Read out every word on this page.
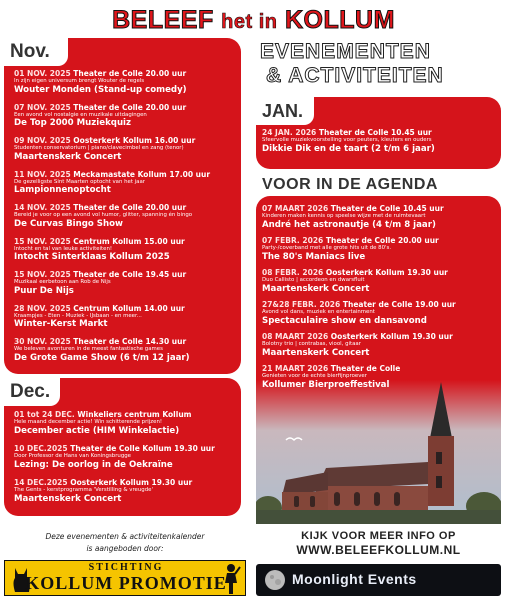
BELEEF het in KOLLUM
Nov.
01 NOV. 2025 Theater de Colle 20.00 uur
In zijn eigen universum brengt Wouter de regels
Wouter Monden (Stand-up comedy)
07 NOV. 2025 Theater de Colle 20.00 uur
Een avond vol nostalgie en muzikale uitdagingen
De Top 2000 Muziekquiz
09 NOV. 2025 Oosterkerk Kollum 16.00 uur
Studenten conservatorium | piano/clavecimbel en zang (tenor)
Maartenskerk Concert
11 NOV. 2025 Meckamastate Kollum 17.00 uur
De gezelligste Sint Maarten optocht van het jaar
Lampionnenoptocht
14 NOV. 2025 Theater de Colle 20.00 uur
Bereid je voor op een avond vol humor, glitter, spanning én bingo
De Curvas Bingo Show
15 NOV. 2025 Centrum Kollum 15.00 uur
Intocht en tal van leuke activiteiten!
Intocht Sinterklaas Kollum 2025
15 NOV. 2025 Theater de Colle 19.45 uur
Muzikaal eerbetoon aan Rob de Nijs
Puur De Nijs
28 NOV. 2025 Centrum Kollum 14.00 uur
Kraampjes - Eten - Muziek - IJsbaan - en meer...
Winter-Kerst Markt
30 NOV. 2025 Theater de Colle 14.30 uur
We beleven avonturen in de meest fantastische games
De Grote Game Show (6 t/m 12 jaar)
Dec.
01 tot 24 DEC. Winkeliers centrum Kollum
Hele maand december actie! Win schitterende prijzen!
December actie (HIM Winkelactie)
10 DEC.2025 Theater de Colle Kollum 19.30 uur
Door Professor de Hans van Koningsbrugge
Lezing: De oorlog in de Oekraïne
14 DEC.2025 Oosterkerk Kollum 19.30 uur
The Gents - kerstprogramma 'Verstilling & vreugde'
Maartenskerk Concert
EVENEMENTEN
& ACTIVITEITEN
JAN.
24 JAN. 2026 Theater de Colle 10.45 uur
Sfeervolle muziekvoorstelling voor peuters, kleuters en ouders
Dikkie Dik en de taart (2 t/m 6 jaar)
VOOR IN DE AGENDA
07 MAART 2026 Theater de Colle 10.45 uur
Kinderen maken kennis op speelse wijze met de ruimtevaart
André het astronautje (4 t/m 8 jaar)
07 FEBR. 2026 Theater de Colle 20.00 uur
Party-/coverband met alle grote hits uit de 80's.
The 80's Maniacs live
08 FEBR. 2026 Oosterkerk Kollum 19.30 uur
Duo Callisto | accordeon en dwarsfluit
Maartenskerk Concert
27&28 FEBR. 2026 Theater de Colle 19.00 uur
Avond vol dans, muziek en entertainment
Spectaculaire show en dansavond
08 MAART 2026 Oosterkerk Kollum 19.30 uur
Bolotny trio | contrabas, viool, gitaar
Maartenskerk Concert
21 MAART 2026 Theater de Colle
Genieten voor de echte bierfijnproever
Kollumer Bierproeffestival
Deze evenementen & activiteitenkalender
is aangeboden door:
STICHTING
KOLLUM PROMOTIE
KIJK VOOR MEER INFO OP
WWW.BELEEFKOLLUM.NL
Moonlight Events
